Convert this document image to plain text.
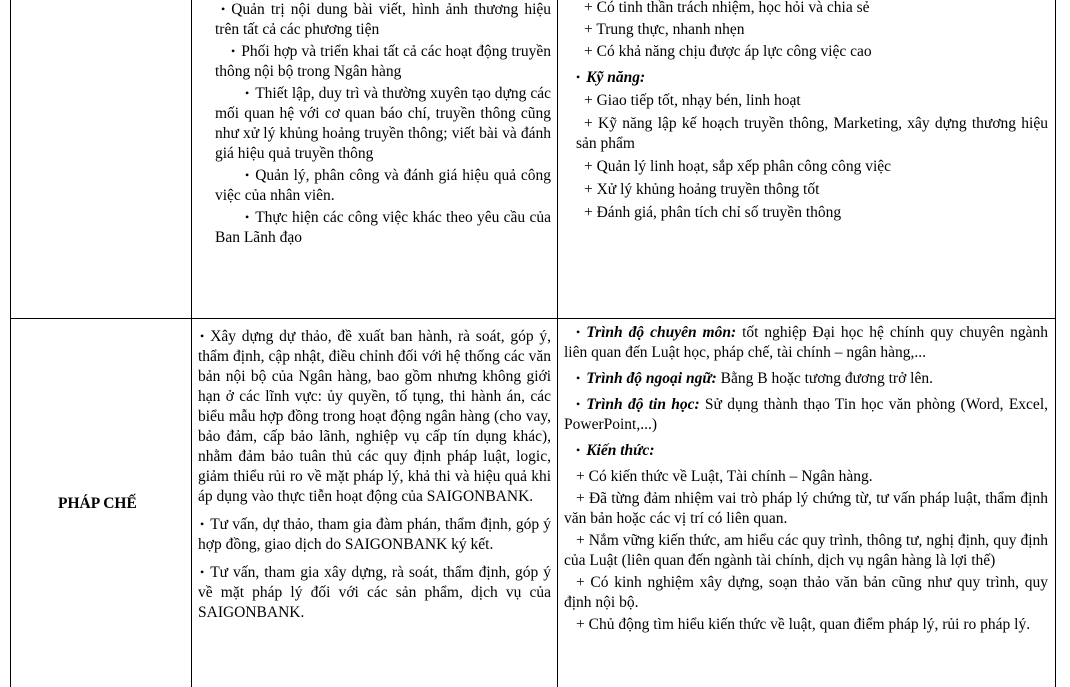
• Quản trị nội dung bài viết, hình ảnh thương hiệu trên tất cả các phương tiện

• Phối hợp và triển khai tất cả các hoạt động truyền thông nội bộ trong Ngân hàng

• Thiết lập, duy trì và thường xuyên tạo dựng các mối quan hệ với cơ quan báo chí, truyền thông cũng như xử lý khủng hoảng truyền thông; viết bài và đánh giá hiệu quả truyền thông

• Quản lý, phân công và đánh giá hiệu quả công việc của nhân viên.

• Thực hiện các công việc khác theo yêu cầu của Ban Lãnh đạo

+ Có tinh thần trách nhiệm, học hỏi và chia sẻ

+ Trung thực, nhanh nhẹn

+ Có khả năng chịu được áp lực công việc cao

• Kỹ năng:

+ Giao tiếp tốt, nhạy bén, linh hoạt

+ Kỹ năng lập kế hoạch truyền thông, Marketing, xây dựng thương hiệu sản phẩm

+ Quản lý linh hoạt, sắp xếp phân công công việc

+ Xử lý khủng hoảng truyền thông tốt

+ Đánh giá, phân tích chỉ số truyền thông

PHÁP CHẾ

• Xây dựng dự thảo, đề xuất ban hành, rà soát, góp ý, thẩm định, cập nhật, điều chỉnh đối với hệ thống các văn bản nội bộ của Ngân hàng, bao gồm nhưng không giới hạn ở các lĩnh vực: ủy quyền, tố tụng, thi hành án, các biểu mẫu hợp đồng trong hoạt động ngân hàng (cho vay, bảo đảm, cấp bảo lãnh, nghiệp vụ cấp tín dụng khác), nhằm đảm bảo tuân thủ các quy định pháp luật, logic, giảm thiểu rủi ro về mặt pháp lý, khả thi và hiệu quả khi áp dụng vào thực tiễn hoạt động của SAIGONBANK.

• Tư vấn, dự thảo, tham gia đàm phán, thẩm định, góp ý hợp đồng, giao dịch do SAIGONBANK ký kết.

• Tư vấn, tham gia xây dựng, rà soát, thẩm định, góp ý về mặt pháp lý đối với các sản phẩm, dịch vụ của SAIGONBANK.

• Trình độ chuyên môn: tốt nghiệp Đại học hệ chính quy chuyên ngành liên quan đến Luật học, pháp chế, tài chính – ngân hàng,...

• Trình độ ngoại ngữ: Bằng B hoặc tương đương trở lên.

• Trình độ tin học: Sử dụng thành thạo Tin học văn phòng (Word, Excel, PowerPoint,...)

• Kiến thức:

+ Có kiến thức về Luật, Tài chính – Ngân hàng.

+ Đã từng đảm nhiệm vai trò pháp lý chứng từ, tư vấn pháp luật, thẩm định văn bản hoặc các vị trí có liên quan.

+ Nắm vững kiến thức, am hiểu các quy trình, thông tư, nghị định, quy định của Luật (liên quan đến ngành tài chính, dịch vụ ngân hàng là lợi thế)

+ Có kinh nghiệm xây dựng, soạn thảo văn bản cũng như quy trình, quy định nội bộ.

+ Chủ động tìm hiểu kiến thức về luật, quan điểm pháp lý, rủi ro pháp lý.
